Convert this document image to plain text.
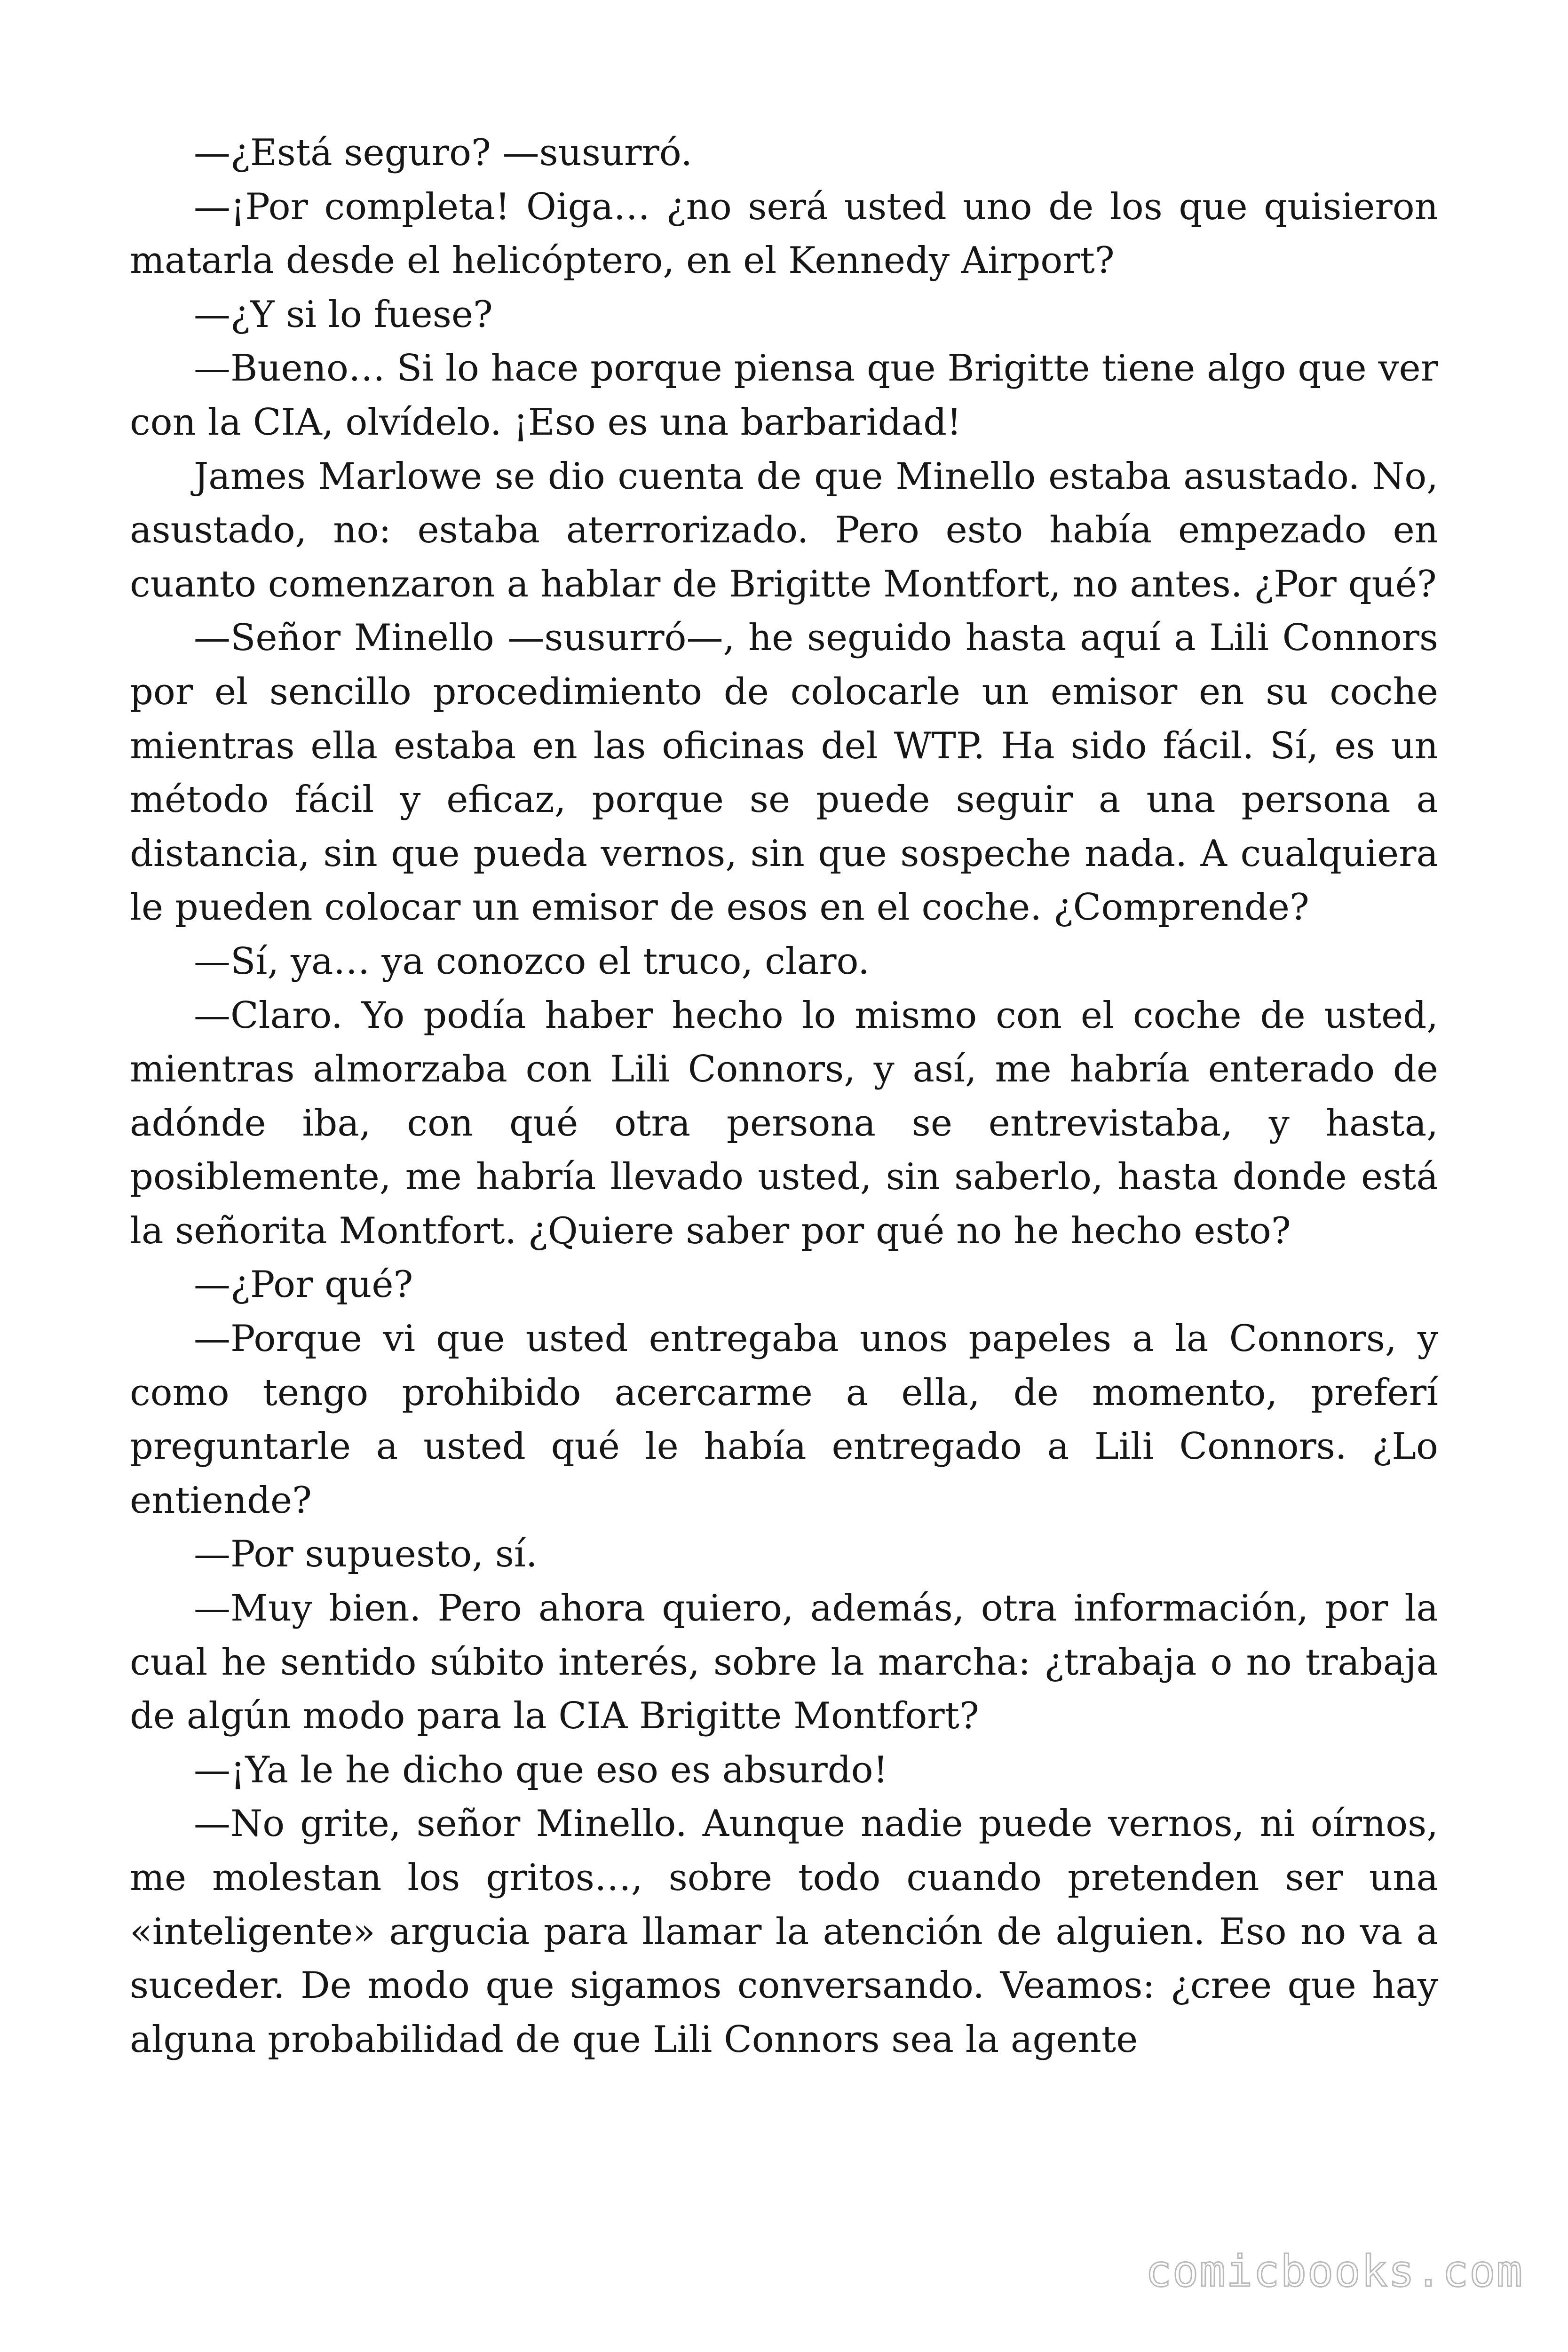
—¿Está seguro? —susurró.

—¡Por completa! Oiga… ¿no será usted uno de los que quisieron matarla desde el helicóptero, en el Kennedy Airport?

—¿Y si lo fuese?

—Bueno… Si lo hace porque piensa que Brigitte tiene algo que ver con la CIA, olvídelo. ¡Eso es una barbaridad!

James Marlowe se dio cuenta de que Minello estaba asustado. No, asustado, no: estaba aterrorizado. Pero esto había empezado en cuanto comenzaron a hablar de Brigitte Montfort, no antes. ¿Por qué?

—Señor Minello —susurró—, he seguido hasta aquí a Lili Connors por el sencillo procedimiento de colocarle un emisor en su coche mientras ella estaba en las oficinas del WTP. Ha sido fácil. Sí, es un método fácil y eficaz, porque se puede seguir a una persona a distancia, sin que pueda vernos, sin que sospeche nada. A cualquiera le pueden colocar un emisor de esos en el coche. ¿Comprende?

—Sí, ya… ya conozco el truco, claro.

—Claro. Yo podía haber hecho lo mismo con el coche de usted, mientras almorzaba con Lili Connors, y así, me habría enterado de adónde iba, con qué otra persona se entrevistaba, y hasta, posiblemente, me habría llevado usted, sin saberlo, hasta donde está la señorita Montfort. ¿Quiere saber por qué no he hecho esto?

—¿Por qué?

—Porque vi que usted entregaba unos papeles a la Connors, y como tengo prohibido acercarme a ella, de momento, preferí preguntarle a usted qué le había entregado a Lili Connors. ¿Lo entiende?

—Por supuesto, sí.

—Muy bien. Pero ahora quiero, además, otra información, por la cual he sentido súbito interés, sobre la marcha: ¿trabaja o no trabaja de algún modo para la CIA Brigitte Montfort?

—¡Ya le he dicho que eso es absurdo!

—No grite, señor Minello. Aunque nadie puede vernos, ni oírnos, me molestan los gritos…, sobre todo cuando pretenden ser una «inteligente» argucia para llamar la atención de alguien. Eso no va a suceder. De modo que sigamos conversando. Veamos: ¿cree que hay alguna probabilidad de que Lili Connors sea la agente

comicbooks.com
